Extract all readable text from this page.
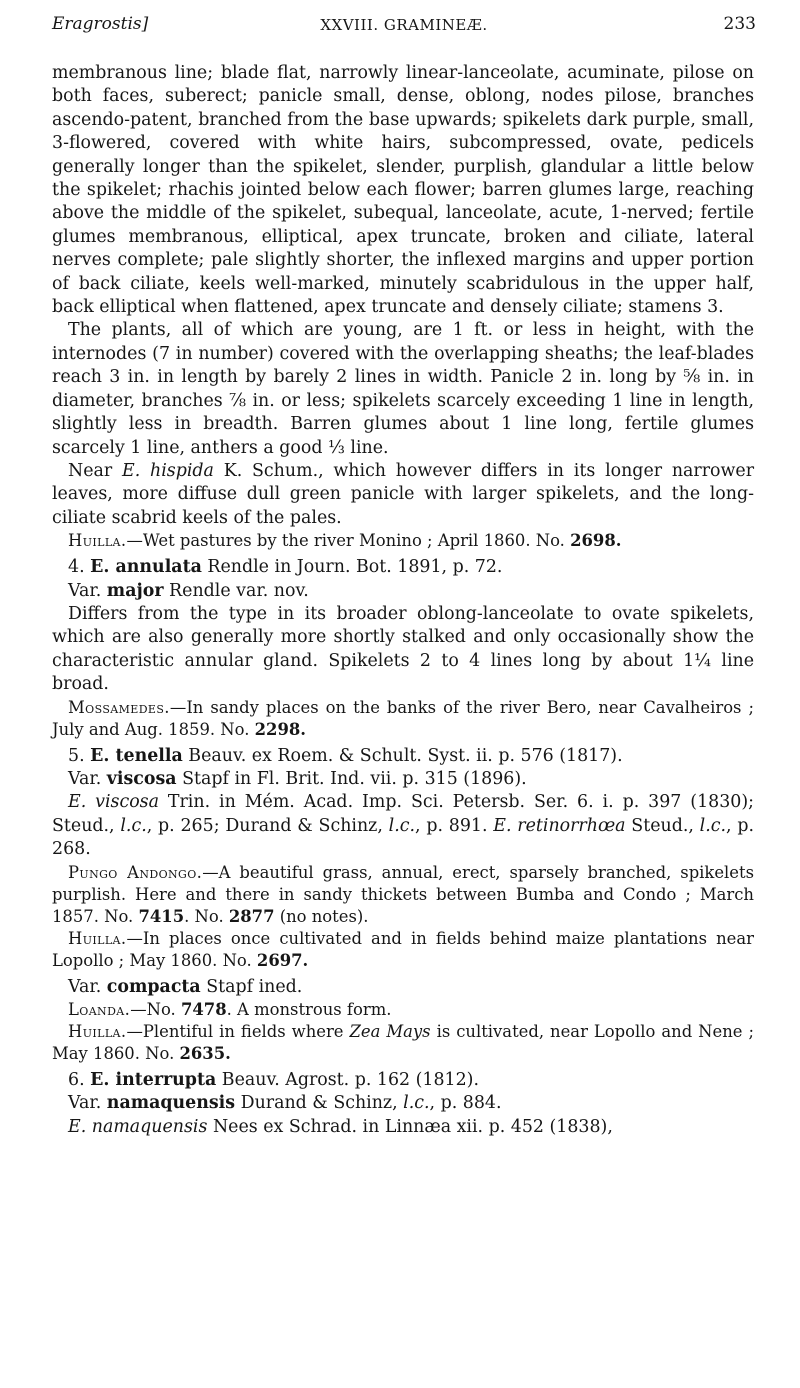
Eragrostis]	XXVIII. GRAMINEÆ.	233

membranous line; blade flat, narrowly linear-lanceolate, acuminate, pilose on both faces, suberect; panicle small, dense, oblong, nodes pilose, branches ascendo-patent, branched from the base upwards; spikelets dark purple, small, 3-flowered, covered with white hairs, subcompressed, ovate, pedicels generally longer than the spikelet, slender, purplish, glandular a little below the spikelet; rhachis jointed below each flower; barren glumes large, reaching above the middle of the spikelet, subequal, lanceolate, acute, 1-nerved; fertile glumes membranous, elliptical, apex truncate, broken and ciliate, lateral nerves complete; pale slightly shorter, the inflexed margins and upper portion of back ciliate, keels well-marked, minutely scabridulous in the upper half, back elliptical when flattened, apex truncate and densely ciliate; stamens 3.

The plants, all of which are young, are 1 ft. or less in height, with the internodes (7 in number) covered with the overlapping sheaths; the leaf-blades reach 3 in. in length by barely 2 lines in width. Panicle 2 in. long by ⅝ in. in diameter, branches ⅞ in. or less; spikelets scarcely exceeding 1 line in length, slightly less in breadth. Barren glumes about 1 line long, fertile glumes scarcely 1 line, anthers a good ⅓ line.

Near E. hispida K. Schum., which however differs in its longer narrower leaves, more diffuse dull green panicle with larger spikelets, and the long-ciliate scabrid keels of the pales.

Huilla.—Wet pastures by the river Monino ; April 1860. No. 2698.

4. E. annulata Rendle in Journ. Bot. 1891, p. 72.

Var. major Rendle var. nov.

Differs from the type in its broader oblong-lanceolate to ovate spikelets, which are also generally more shortly stalked and only occasionally show the characteristic annular gland. Spikelets 2 to 4 lines long by about 1¼ line broad.

Mossamedes.—In sandy places on the banks of the river Bero, near Cavalheiros ; July and Aug. 1859. No. 2298.

5. E. tenella Beauv. ex Roem. & Schult. Syst. ii. p. 576 (1817).

Var. viscosa Stapf in Fl. Brit. Ind. vii. p. 315 (1896).

E. viscosa Trin. in Mém. Acad. Imp. Sci. Petersb. Ser. 6. i. p. 397 (1830); Steud., l.c., p. 265; Durand & Schinz, l.c., p. 891. E. retinorrhœa Steud., l.c., p. 268.

Pungo Andongo.—A beautiful grass, annual, erect, sparsely branched, spikelets purplish. Here and there in sandy thickets between Bumba and Condo ; March 1857. No. 7415. No. 2877 (no notes).

Huilla.—In places once cultivated and in fields behind maize plantations near Lopollo ; May 1860. No. 2697.

Var. compacta Stapf ined.

Loanda.—No. 7478. A monstrous form.

Huilla.—Plentiful in fields where Zea Mays is cultivated, near Lopollo and Nene ; May 1860. No. 2635.

6. E. interrupta Beauv. Agrost. p. 162 (1812).

Var. namaquensis Durand & Schinz, l.c., p. 884.

E. namaquensis Nees ex Schrad. in Linnæa xii. p. 452 (1838),
